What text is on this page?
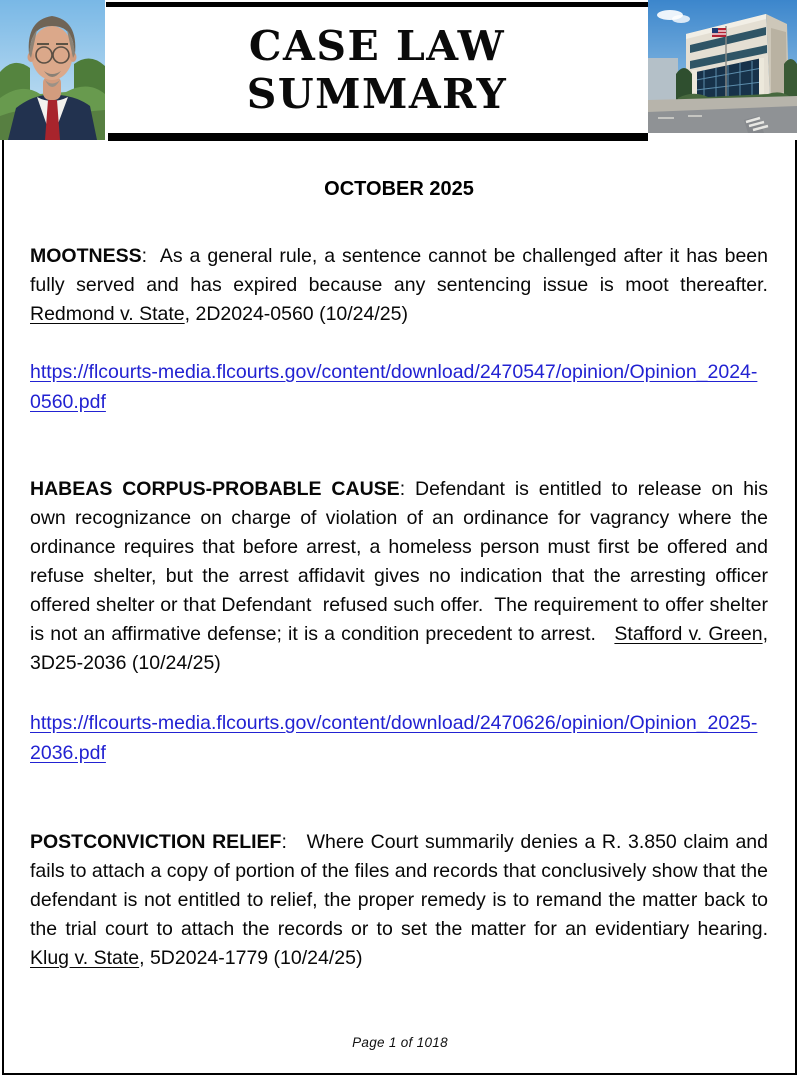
CASE LAW
SUMMARY
OCTOBER 2025

MOOTNESS:  As a general rule, a sentence cannot be challenged after it has been fully served and has expired because any sentencing issue is moot thereafter. Redmond v. State, 2D2024-0560 (10/24/25)

https://flcourts-media.flcourts.gov/content/download/2470547/opinion/Opinion_2024-0560.pdf

HABEAS CORPUS-PROBABLE CAUSE: Defendant is entitled to release on his own recognizance on charge of violation of an ordinance for vagrancy where the ordinance requires that before arrest, a homeless person must first be offered and refuse shelter, but the arrest affidavit gives no indication that the arresting officer offered shelter or that Defendant  refused such offer.  The requirement to offer shelter is not an affirmative defense; it is a condition precedent to arrest.   Stafford v. Green, 3D25-2036 (10/24/25)

https://flcourts-media.flcourts.gov/content/download/2470626/opinion/Opinion_2025-2036.pdf

POSTCONVICTION RELIEF:   Where Court summarily denies a R. 3.850 claim and fails to attach a copy of portion of the files and records that conclusively show that the defendant is not entitled to relief, the proper remedy is to remand the matter back to the trial court to attach the records or to set the matter for an evidentiary hearing.   Klug v. State, 5D2024-1779 (10/24/25)

Page 1 of 1018
